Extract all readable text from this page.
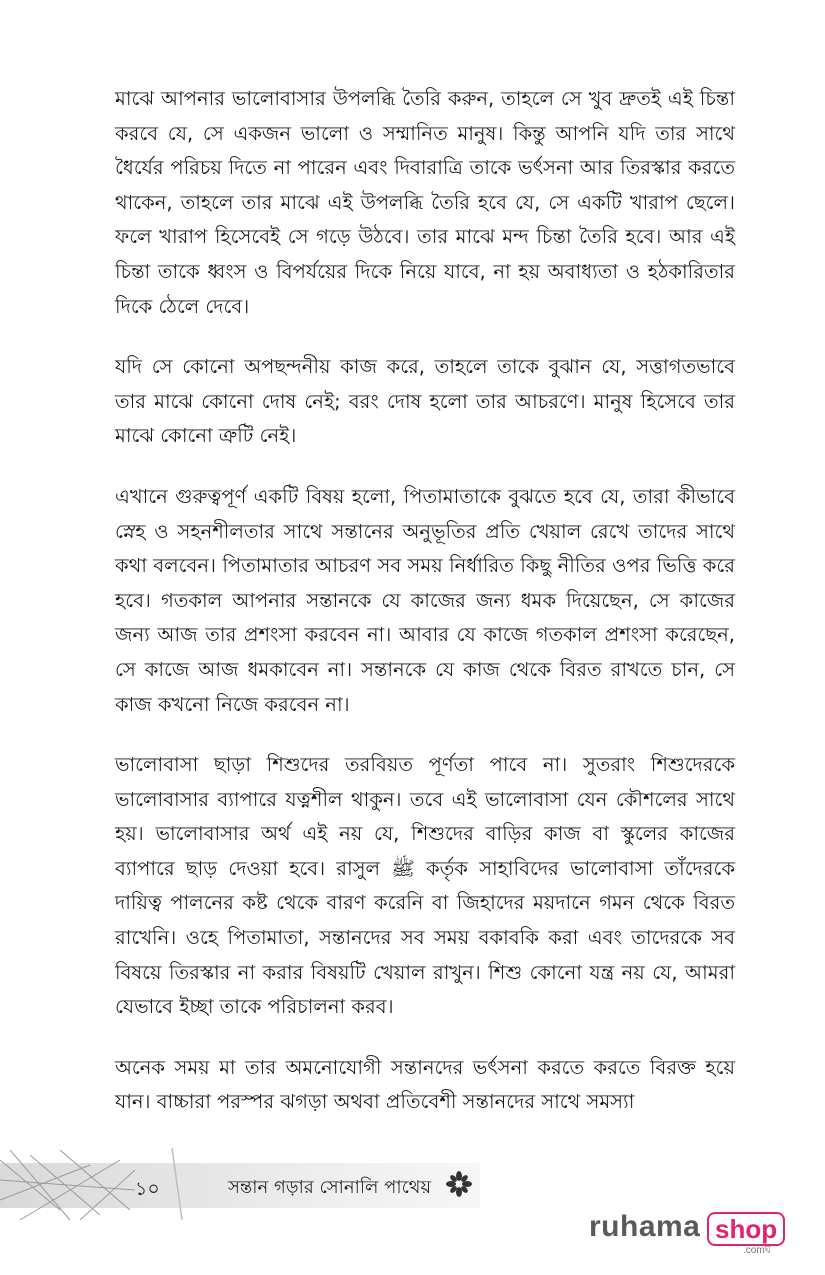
মাঝে আপনার ভালোবাসার উপলব্ধি তৈরি করুন, তাহলে সে খুব দ্রুতই এই চিন্তা করবে যে, সে একজন ভালো ও সম্মানিত মানুষ। কিন্তু আপনি যদি তার সাথে ধৈর্যের পরিচয় দিতে না পারেন এবং দিবারাত্রি তাকে ভর্ৎসনা আর তিরস্কার করতে থাকেন, তাহলে তার মাঝে এই উপলব্ধি তৈরি হবে যে, সে একটি খারাপ ছেলে। ফলে খারাপ হিসেবেই সে গড়ে উঠবে। তার মাঝে মন্দ চিন্তা তৈরি হবে। আর এই চিন্তা তাকে ধ্বংস ও বিপর্যয়ের দিকে নিয়ে যাবে, না হয় অবাধ্যতা ও হঠকারিতার দিকে ঠেলে দেবে।

যদি সে কোনো অপছন্দনীয় কাজ করে, তাহলে তাকে বুঝান যে, সত্তাগতভাবে তার মাঝে কোনো দোষ নেই; বরং দোষ হলো তার আচরণে। মানুষ হিসেবে তার মাঝে কোনো ত্রুটি নেই।

এখানে গুরুত্বপূর্ণ একটি বিষয় হলো, পিতামাতাকে বুঝতে হবে যে, তারা কীভাবে স্নেহ ও সহনশীলতার সাথে সন্তানের অনুভূতির প্রতি খেয়াল রেখে তাদের সাথে কথা বলবেন। পিতামাতার আচরণ সব সময় নির্ধারিত কিছু নীতির ওপর ভিত্তি করে হবে। গতকাল আপনার সন্তানকে যে কাজের জন্য ধমক দিয়েছেন, সে কাজের জন্য আজ তার প্রশংসা করবেন না। আবার যে কাজে গতকাল প্রশংসা করেছেন, সে কাজে আজ ধমকাবেন না। সন্তানকে যে কাজ থেকে বিরত রাখতে চান, সে কাজ কখনো নিজে করবেন না।

ভালোবাসা ছাড়া শিশুদের তরবিয়ত পূর্ণতা পাবে না। সুতরাং শিশুদেরকে ভালোবাসার ব্যাপারে যত্নশীল থাকুন। তবে এই ভালোবাসা যেন কৌশলের সাথে হয়। ভালোবাসার অর্থ এই নয় যে, শিশুদের বাড়ির কাজ বা স্কুলের কাজের ব্যাপারে ছাড় দেওয়া হবে। রাসুল ﷺ কর্তৃক সাহাবিদের ভালোবাসা তাঁদেরকে দায়িত্ব পালনের কষ্ট থেকে বারণ করেনি বা জিহাদের ময়দানে গমন থেকে বিরত রাখেনি। ওহে পিতামাতা, সন্তানদের সব সময় বকাবকি করা এবং তাদেরকে সব বিষয়ে তিরস্কার না করার বিষয়টি খেয়াল রাখুন। শিশু কোনো যন্ত্র নয় যে, আমরা যেভাবে ইচ্ছা তাকে পরিচালনা করব।

অনেক সময় মা তার অমনোযোগী সন্তানদের ভর্ৎসনা করতে করতে বিরক্ত হয়ে যান। বাচ্চারা পরস্পর ঝগড়া অথবা প্রতিবেশী সন্তানদের সাথে সমস্যা

১০	সন্তান গড়ার সোনালি পাথেয়
ruhama shop
.comঘ
